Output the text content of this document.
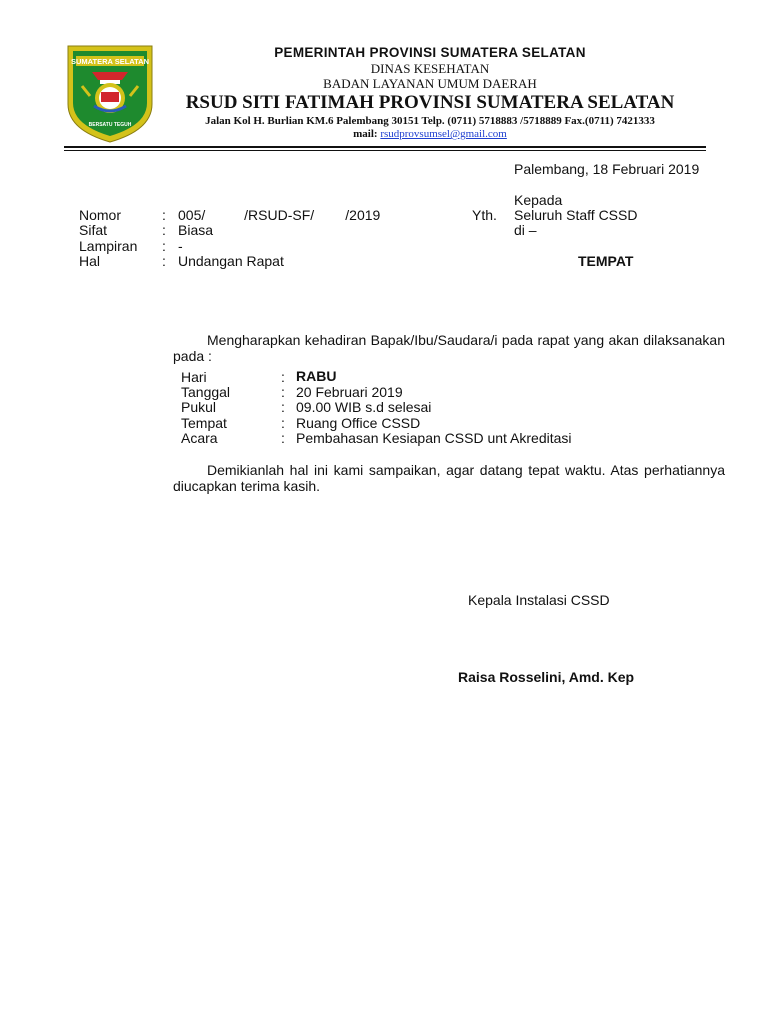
SUMATERA SELATAN
BERSATU TEGUH
PEMERINTAH PROVINSI SUMATERA SELATAN
DINAS KESEHATAN
BADAN LAYANAN UMUM DAERAH
RSUD SITI FATIMAH PROVINSI SUMATERA SELATAN
Jalan Kol H. Burlian KM.6 Palembang 30151 Telp. (0711) 5718883 /5718889 Fax.(0711) 7421333
mail: rsudprovsumsel@gmail.com
Palembang, 18 Februari 2019
Kepada
Yth. Seluruh Staff CSSD
di –
TEMPAT
Nomor	: 005/          /RSUD-SF/        /2019
Sifat	: Biasa
Lampiran : -
Hal	: Undangan Rapat
Mengharapkan kehadiran Bapak/Ibu/Saudara/i pada rapat yang akan dilaksanakan pada :
Hari	: RABU
Tanggal	: 20 Februari 2019
Pukul	: 09.00 WIB s.d selesai
Tempat	: Ruang Office CSSD
Acara	: Pembahasan Kesiapan CSSD unt Akreditasi
Demikianlah hal ini kami sampaikan, agar datang tepat waktu. Atas perhatiannya diucapkan terima kasih.
Kepala Instalasi CSSD
Raisa Rosselini, Amd. Kep
